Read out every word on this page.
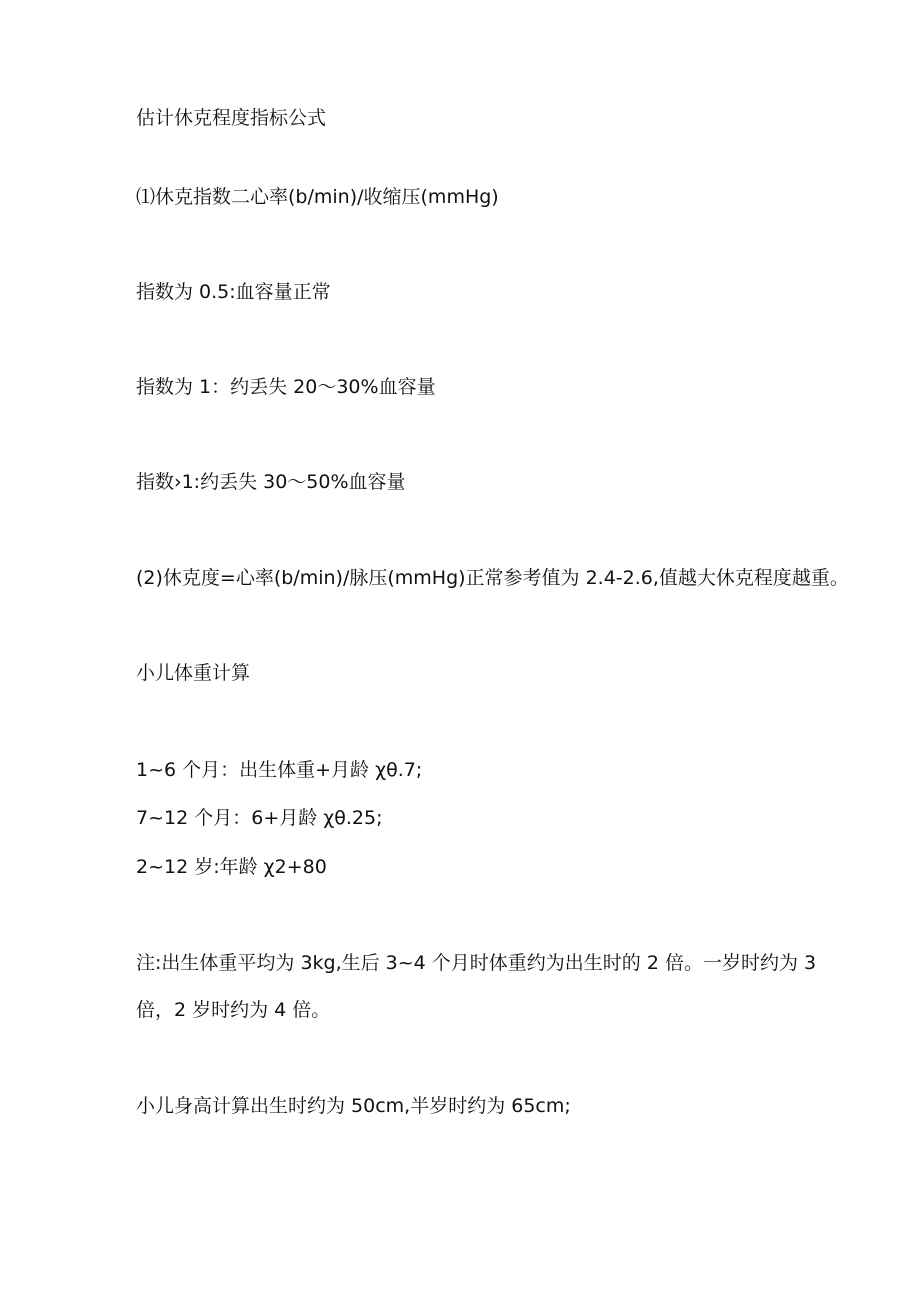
估计休克程度指标公式

⑴休克指数二心率(b∕min)/收缩压(mmHg)

指数为 0.5:血容量正常

指数为 1：约丢失 20〜30%血容量

指数›1:约丢失 30〜50%血容量

(2)休克度=心率(b∕min)/脉压(mmHg)正常参考值为 2.4-2.6,值越大休克程度越重。

小儿体重计算

1~6 个月：出生体重+月龄 χθ.7;

7~12 个月：6+月龄 χθ.25;

2~12 岁:年龄 χ2+80

注:出生体重平均为 3kg,生后 3~4 个月时体重约为出生时的 2 倍。一岁时约为 3

倍，2 岁时约为 4 倍。

小儿身高计算出生时约为 50cm,半岁时约为 65cm;
